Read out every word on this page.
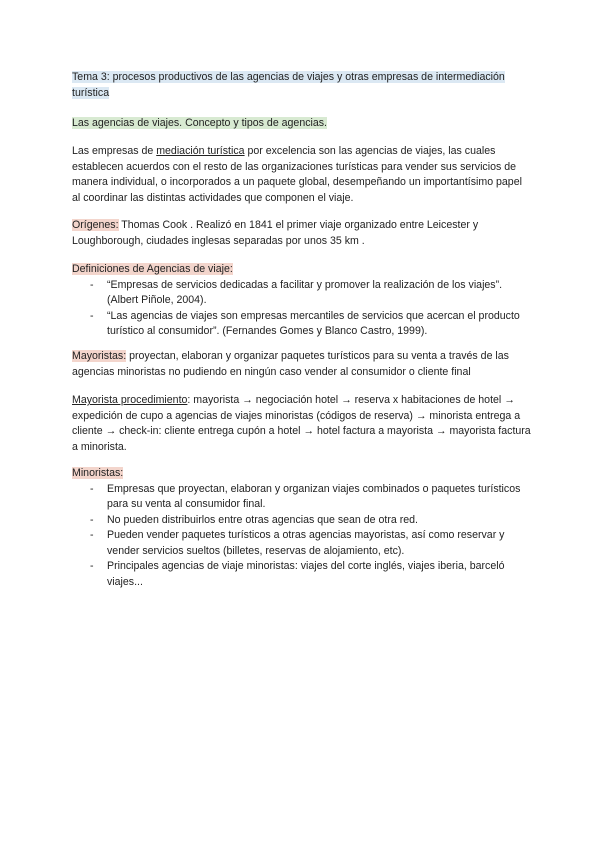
Tema 3: procesos productivos de las agencias de viajes y otras empresas de intermediación
turística
Las agencias de viajes. Concepto y tipos de agencias.

Las empresas de mediación turística por excelencia son las agencias de viajes, las cuales establecen acuerdos con el resto de las organizaciones turísticas para vender sus servicios de manera individual, o incorporados a un paquete global, desempeñando un importantísimo papel al coordinar las distintas actividades que componen el viaje.

Orígenes: Thomas Cook . Realizó en 1841 el primer viaje organizado entre Leicester y Loughborough, ciudades inglesas separadas por unos 35 km .

Definiciones de Agencias de viaje:
- “Empresas de servicios dedicadas a facilitar y promover la realización de los viajes”. (Albert Piñole, 2004).
- “Las agencias de viajes son empresas mercantiles de servicios que acercan el producto turístico al consumidor”. (Fernandes Gomes y Blanco Castro, 1999).

Mayoristas: proyectan, elaboran y organizar paquetes turísticos para su venta a través de las agencias minoristas no pudiendo en ningún caso vender al consumidor o cliente final

Mayorista procedimiento: mayorista → negociación hotel → reserva x habitaciones de hotel → expedición de cupo a agencias de viajes minoristas (códigos de reserva) → minorista entrega a cliente → check-in: cliente entrega cupón a hotel → hotel factura a mayorista → mayorista factura a minorista.

Minoristas:
- Empresas que proyectan, elaboran y organizan viajes combinados o paquetes turísticos para su venta al consumidor final.
- No pueden distribuirlos entre otras agencias que sean de otra red.
- Pueden vender paquetes turísticos a otras agencias mayoristas, así como reservar y vender servicios sueltos (billetes, reservas de alojamiento, etc).
- Principales agencias de viaje minoristas: viajes del corte inglés, viajes iberia, barceló viajes...
